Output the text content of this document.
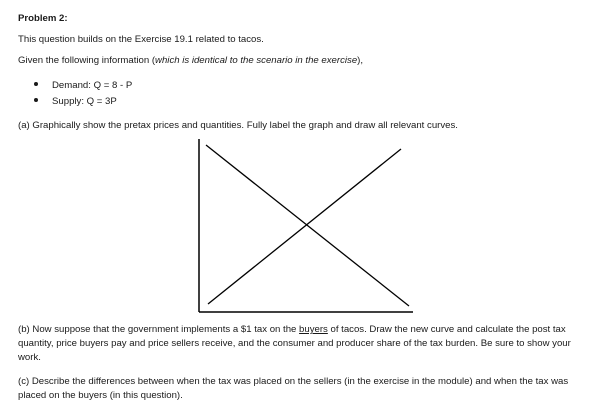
Problem 2:
This question builds on the Exercise 19.1 related to tacos.
Given the following information (which is identical to the scenario in the exercise),
Demand: Q = 8 - P
Supply: Q = 3P
(a) Graphically show the pretax prices and quantities. Fully label the graph and draw all relevant curves.
(b) Now suppose that the government implements a $1 tax on the buyers of tacos. Draw the new curve and calculate the post tax quantity, price buyers pay and price sellers receive, and the consumer and producer share of the tax burden. Be sure to show your work.
(c) Describe the differences between when the tax was placed on the sellers (in the exercise in the module) and when the tax was placed on the buyers (in this question).
